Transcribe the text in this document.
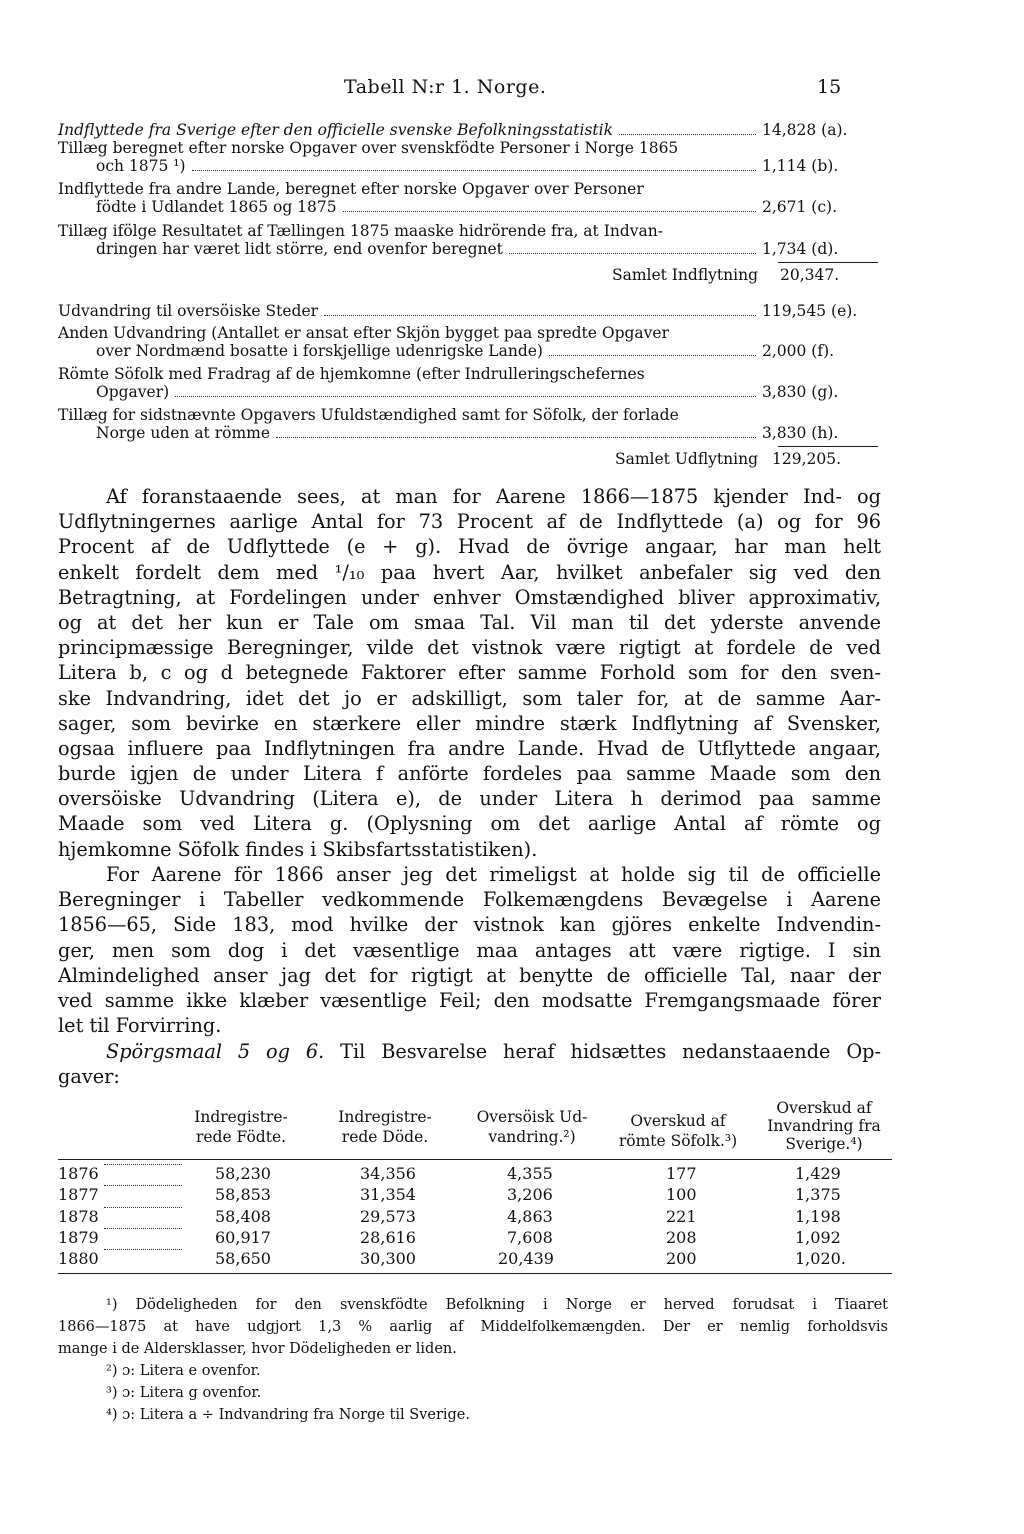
Tabell N:r 1. Norge.	15
Indflyttede fra Sverige efter den officielle svenske Befolkningsstatistik	14,828 (a).
Tillæg beregnet efter norske Opgaver over svenskfödte Personer i Norge 1865
och 1875 ¹)	1,114 (b).
Indflyttede fra andre Lande, beregnet efter norske Opgaver over Personer
födte i Udlandet 1865 og 1875	2,671 (c).
Tillæg ifölge Resultatet af Tællingen 1875 maaske hidrörende fra, at Indvan-
dringen har været lidt större, end ovenfor beregnet	1,734 (d).
Samlet Indflytning 20,347.
Udvandring til oversöiske Steder	119,545 (e).
Anden Udvandring (Antallet er ansat efter Skjön bygget paa spredte Opgaver
over Nordmænd bosatte i forskjellige udenrigske Lande)	2,000 (f).
Römte Söfolk med Fradrag af de hjemkomne (efter Indrulleringschefernes
Opgaver)	3,830 (g).
Tillæg for sidstnævnte Opgavers Ufuldstændighed samt for Söfolk, der forlade
Norge uden at römme	3,830 (h).
Samlet Udflytning 129,205.
Af foranstaaende sees, at man for Aarene 1866—1875 kjender Ind- og
Udflytningernes aarlige Antal for 73 Procent af de Indflyttede (a) og for 96
Procent af de Udflyttede (e + g). Hvad de övrige angaar, har man helt
enkelt fordelt dem med ¹/₁₀ paa hvert Aar, hvilket anbefaler sig ved den
Betragtning, at Fordelingen under enhver Omstændighed bliver approximativ,
og at det her kun er Tale om smaa Tal. Vil man til det yderste anvende
principmæssige Beregninger, vilde det vistnok være rigtigt at fordele de ved
Litera b, c og d betegnede Faktorer efter samme Forhold som for den sven-
ske Indvandring, idet det jo er adskilligt, som taler for, at de samme Aar-
sager, som bevirke en stærkere eller mindre stærk Indflytning af Svensker,
ogsaa influere paa Indflytningen fra andre Lande. Hvad de Utflyttede angaar,
burde igjen de under Litera f anförte fordeles paa samme Maade som den
oversöiske Udvandring (Litera e), de under Litera h derimod paa samme
Maade som ved Litera g. (Oplysning om det aarlige Antal af römte og
hjemkomne Söfolk findes i Skibsfartsstatistiken).
For Aarene för 1866 anser jeg det rimeligst at holde sig til de officielle
Beregninger i Tabeller vedkommende Folkemængdens Bevægelse i Aarene
1856—65, Side 183, mod hvilke der vistnok kan gjöres enkelte Indvendin-
ger, men som dog i det væsentlige maa antages att være rigtige. I sin
Almindelighed anser jag det for rigtigt at benytte de officielle Tal, naar der
ved samme ikke klæber væsentlige Feil; den modsatte Fremgangsmaade förer
let til Forvirring.
Spörgsmaal 5 og 6. Til Besvarelse heraf hidsættes nedanstaaende Op-
gaver:
Indregistre-
rede Födte.
Indregistre-
rede Döde.
Oversöisk Ud-
vandring.²)
Overskud af
römte Söfolk.³)
Overskud af
Invandring fra
Sverige.⁴)
1876	58,230	34,356	4,355	177	1,429
1877	58,853	31,354	3,206	100	1,375
1878	58,408	29,573	4,863	221	1,198
1879	60,917	28,616	7,608	208	1,092
1880	58,650	30,300	20,439	200	1,020.
¹) Dödeligheden for den svenskfödte Befolkning i Norge er herved forudsat i Tiaaret
1866—1875 at have udgjort 1,3 % aarlig af Middelfolkemængden. Der er nemlig forholdsvis
mange i de Aldersklasser, hvor Dödeligheden er liden.
²) ɔ: Litera e ovenfor.
³) ɔ: Litera g ovenfor.
⁴) ɔ: Litera a ÷ Indvandring fra Norge til Sverige.
